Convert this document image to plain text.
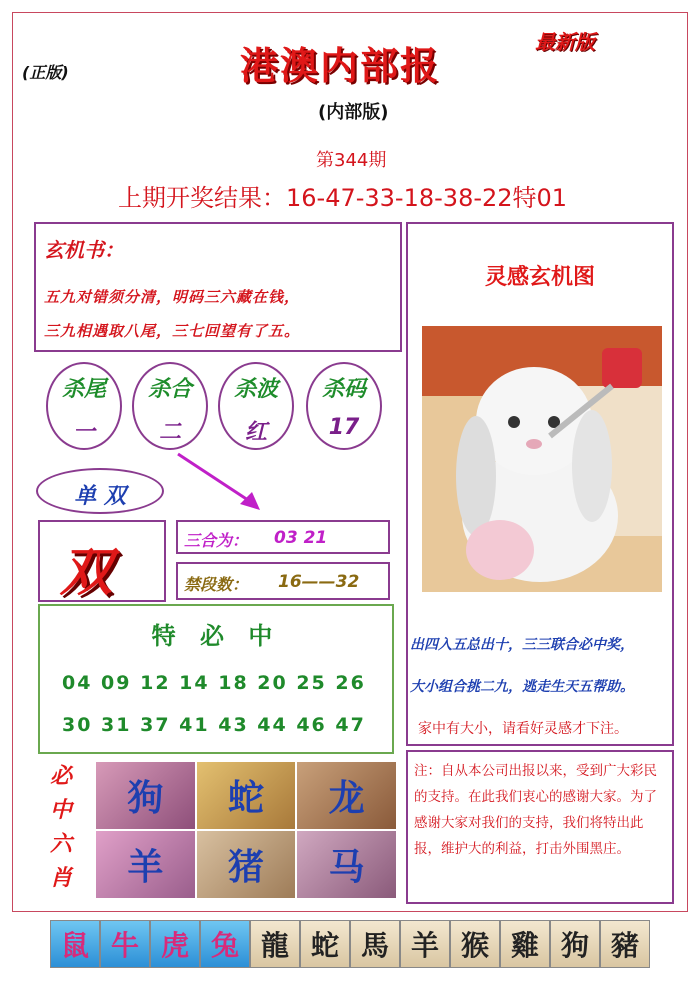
(正版)	港澳内部报
最新版
(内部版)
第344期
上期开奖结果：16-47-33-18-38-22特01
玄机书：
五九对错须分清，明码三六藏在钱，
三九相遇取八尾，三七回望有了五。
杀尾
一
杀合
二
杀波
红
杀码
17
单 双
双
三合为： 03 21
禁段数： 16——32
特 必 中
04 09 12 14 18 20 25 26
30 31 37 41 43 44 46 47
必中六肖
狗	蛇	龙
羊	猪	马
灵感玄机图
出四入五总出十，三三联合必中奖，
大小组合挑二九，逃走生天五帮助。
家中有大小，请看好灵感才下注。
注：自从本公司出报以来，受到广大彩民的支持。在此我们衷心的感谢大家。为了感谢大家对我们的支持，我们将特出此报，维护大的利益，打击外围黑庄。
鼠 牛 虎 兔 龍 蛇 馬 羊 猴 雞 狗 豬
